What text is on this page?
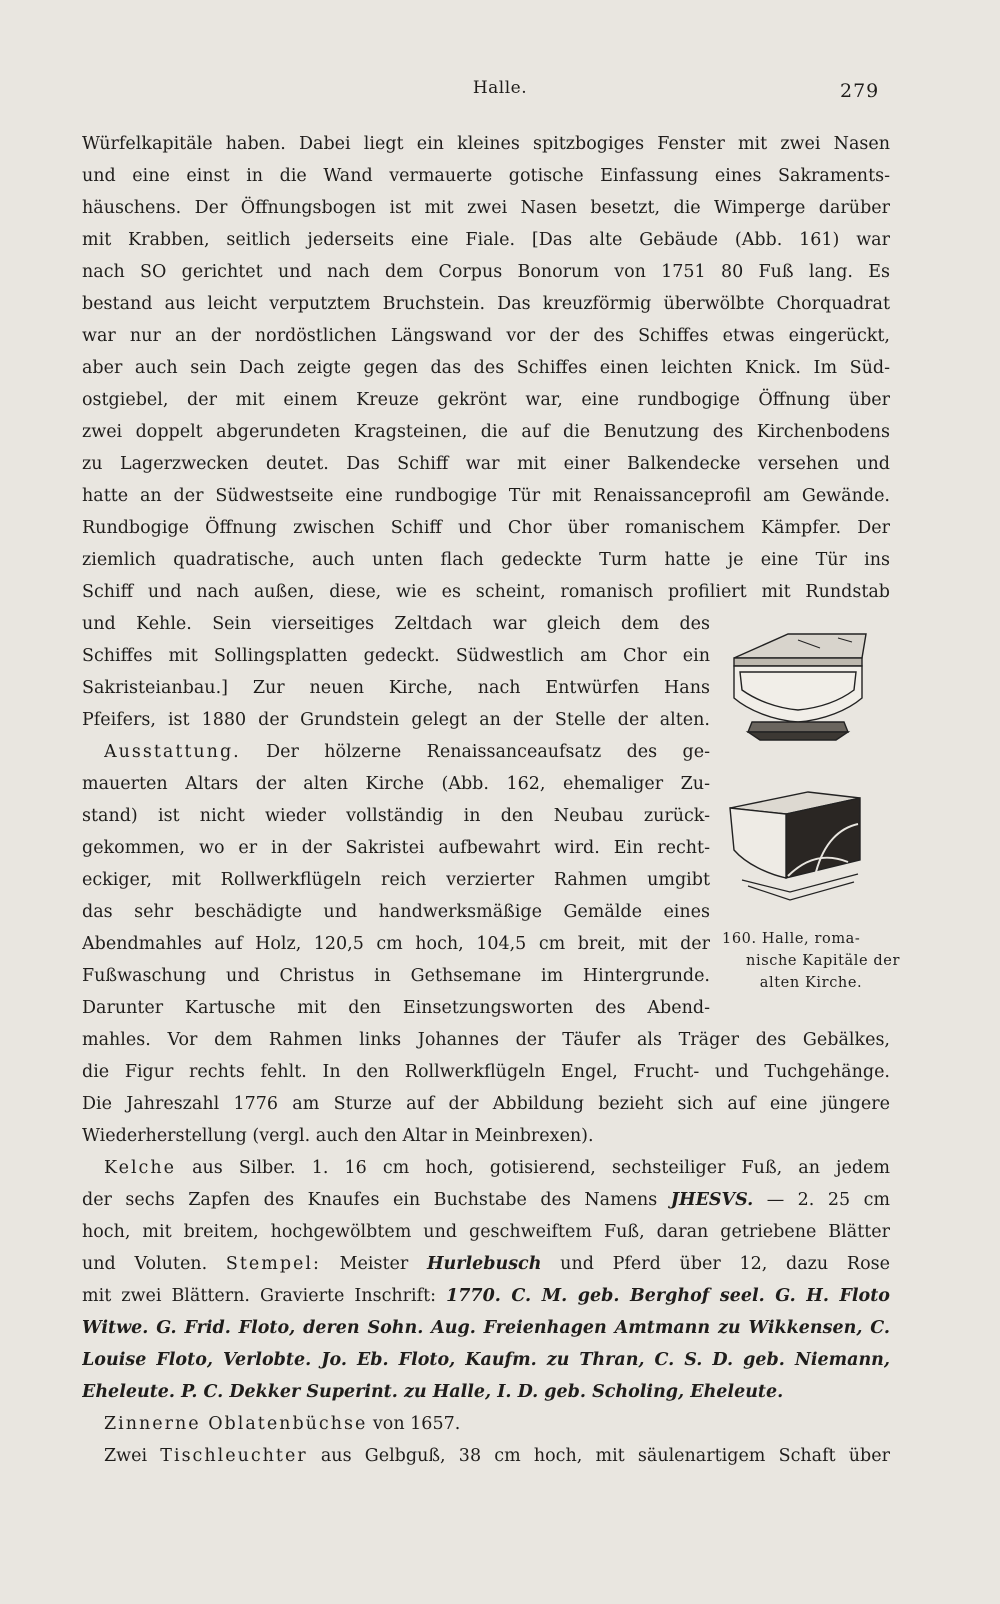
Halle.	279
Würfelkapitäle haben. Dabei liegt ein kleines spitzbogiges Fenster mit zwei Nasen
und eine einst in die Wand vermauerte gotische Einfassung eines Sakraments-
häuschens. Der Öffnungsbogen ist mit zwei Nasen besetzt, die Wimperge darüber
mit Krabben, seitlich jederseits eine Fiale. [Das alte Gebäude (Abb. 161) war
nach SO gerichtet und nach dem Corpus Bonorum von 1751 80 Fuß lang. Es
bestand aus leicht verputztem Bruchstein. Das kreuzförmig überwölbte Chorquadrat
war nur an der nordöstlichen Längswand vor der des Schiffes etwas eingerückt,
aber auch sein Dach zeigte gegen das des Schiffes einen leichten Knick. Im Süd-
ostgiebel, der mit einem Kreuze gekrönt war, eine rundbogige Öffnung über
zwei doppelt abgerundeten Kragsteinen, die auf die Benutzung des Kirchenbodens
zu Lagerzwecken deutet. Das Schiff war mit einer Balkendecke versehen und
hatte an der Südwestseite eine rundbogige Tür mit Renaissanceprofil am Gewände.
Rundbogige Öffnung zwischen Schiff und Chor über romanischem Kämpfer. Der
ziemlich quadratische, auch unten flach gedeckte Turm hatte je eine Tür ins
Schiff und nach außen, diese, wie es scheint, romanisch profiliert mit Rundstab
und Kehle. Sein vierseitiges Zeltdach war gleich dem des
Schiffes mit Sollingsplatten gedeckt. Südwestlich am Chor ein
Sakristeianbau.] Zur neuen Kirche, nach Entwürfen Hans
Pfeifers, ist 1880 der Grundstein gelegt an der Stelle der alten.
Ausstattung. Der hölzerne Renaissanceaufsatz des ge-
mauerten Altars der alten Kirche (Abb. 162, ehemaliger Zu-
stand) ist nicht wieder vollständig in den Neubau zurück-
gekommen, wo er in der Sakristei aufbewahrt wird. Ein recht-
eckiger, mit Rollwerkflügeln reich verzierter Rahmen umgibt
das sehr beschädigte und handwerksmäßige Gemälde eines
Abendmahles auf Holz, 120,5 cm hoch, 104,5 cm breit, mit der
Fußwaschung und Christus in Gethsemane im Hintergrunde.
Darunter Kartusche mit den Einsetzungsworten des Abend-
mahles. Vor dem Rahmen links Johannes der Täufer als Träger des Gebälkes,
die Figur rechts fehlt. In den Rollwerkflügeln Engel, Frucht- und Tuchgehänge.
Die Jahreszahl 1776 am Sturze auf der Abbildung bezieht sich auf eine jüngere
Wiederherstellung (vergl. auch den Altar in Meinbrexen).
Kelche aus Silber. 1. 16 cm hoch, gotisierend, sechsteiliger Fuß, an jedem
der sechs Zapfen des Knaufes ein Buchstabe des Namens JHESVS. — 2. 25 cm
hoch, mit breitem, hochgewölbtem und geschweiftem Fuß, daran getriebene Blätter
und Voluten. Stempel: Meister Hurlebusch und Pferd über 12, dazu Rose
mit zwei Blättern. Gravierte Inschrift: 1770. C. M. geb. Berghof seel. G. H. Floto
Witwe. G. Frid. Floto, deren Sohn. Aug. Freienhagen Amtmann zu Wikkensen, C.
Louise Floto, Verlobte. Jo. Eb. Floto, Kaufm. zu Thran, C. S. D. geb. Niemann,
Eheleute. P. C. Dekker Superint. zu Halle, I. D. geb. Scholing, Eheleute.
Zinnerne Oblatenbüchse von 1657.
Zwei Tischleuchter aus Gelbguß, 38 cm hoch, mit säulenartigem Schaft über
160. Halle, roma-
nische Kapitäle der
alten Kirche.
